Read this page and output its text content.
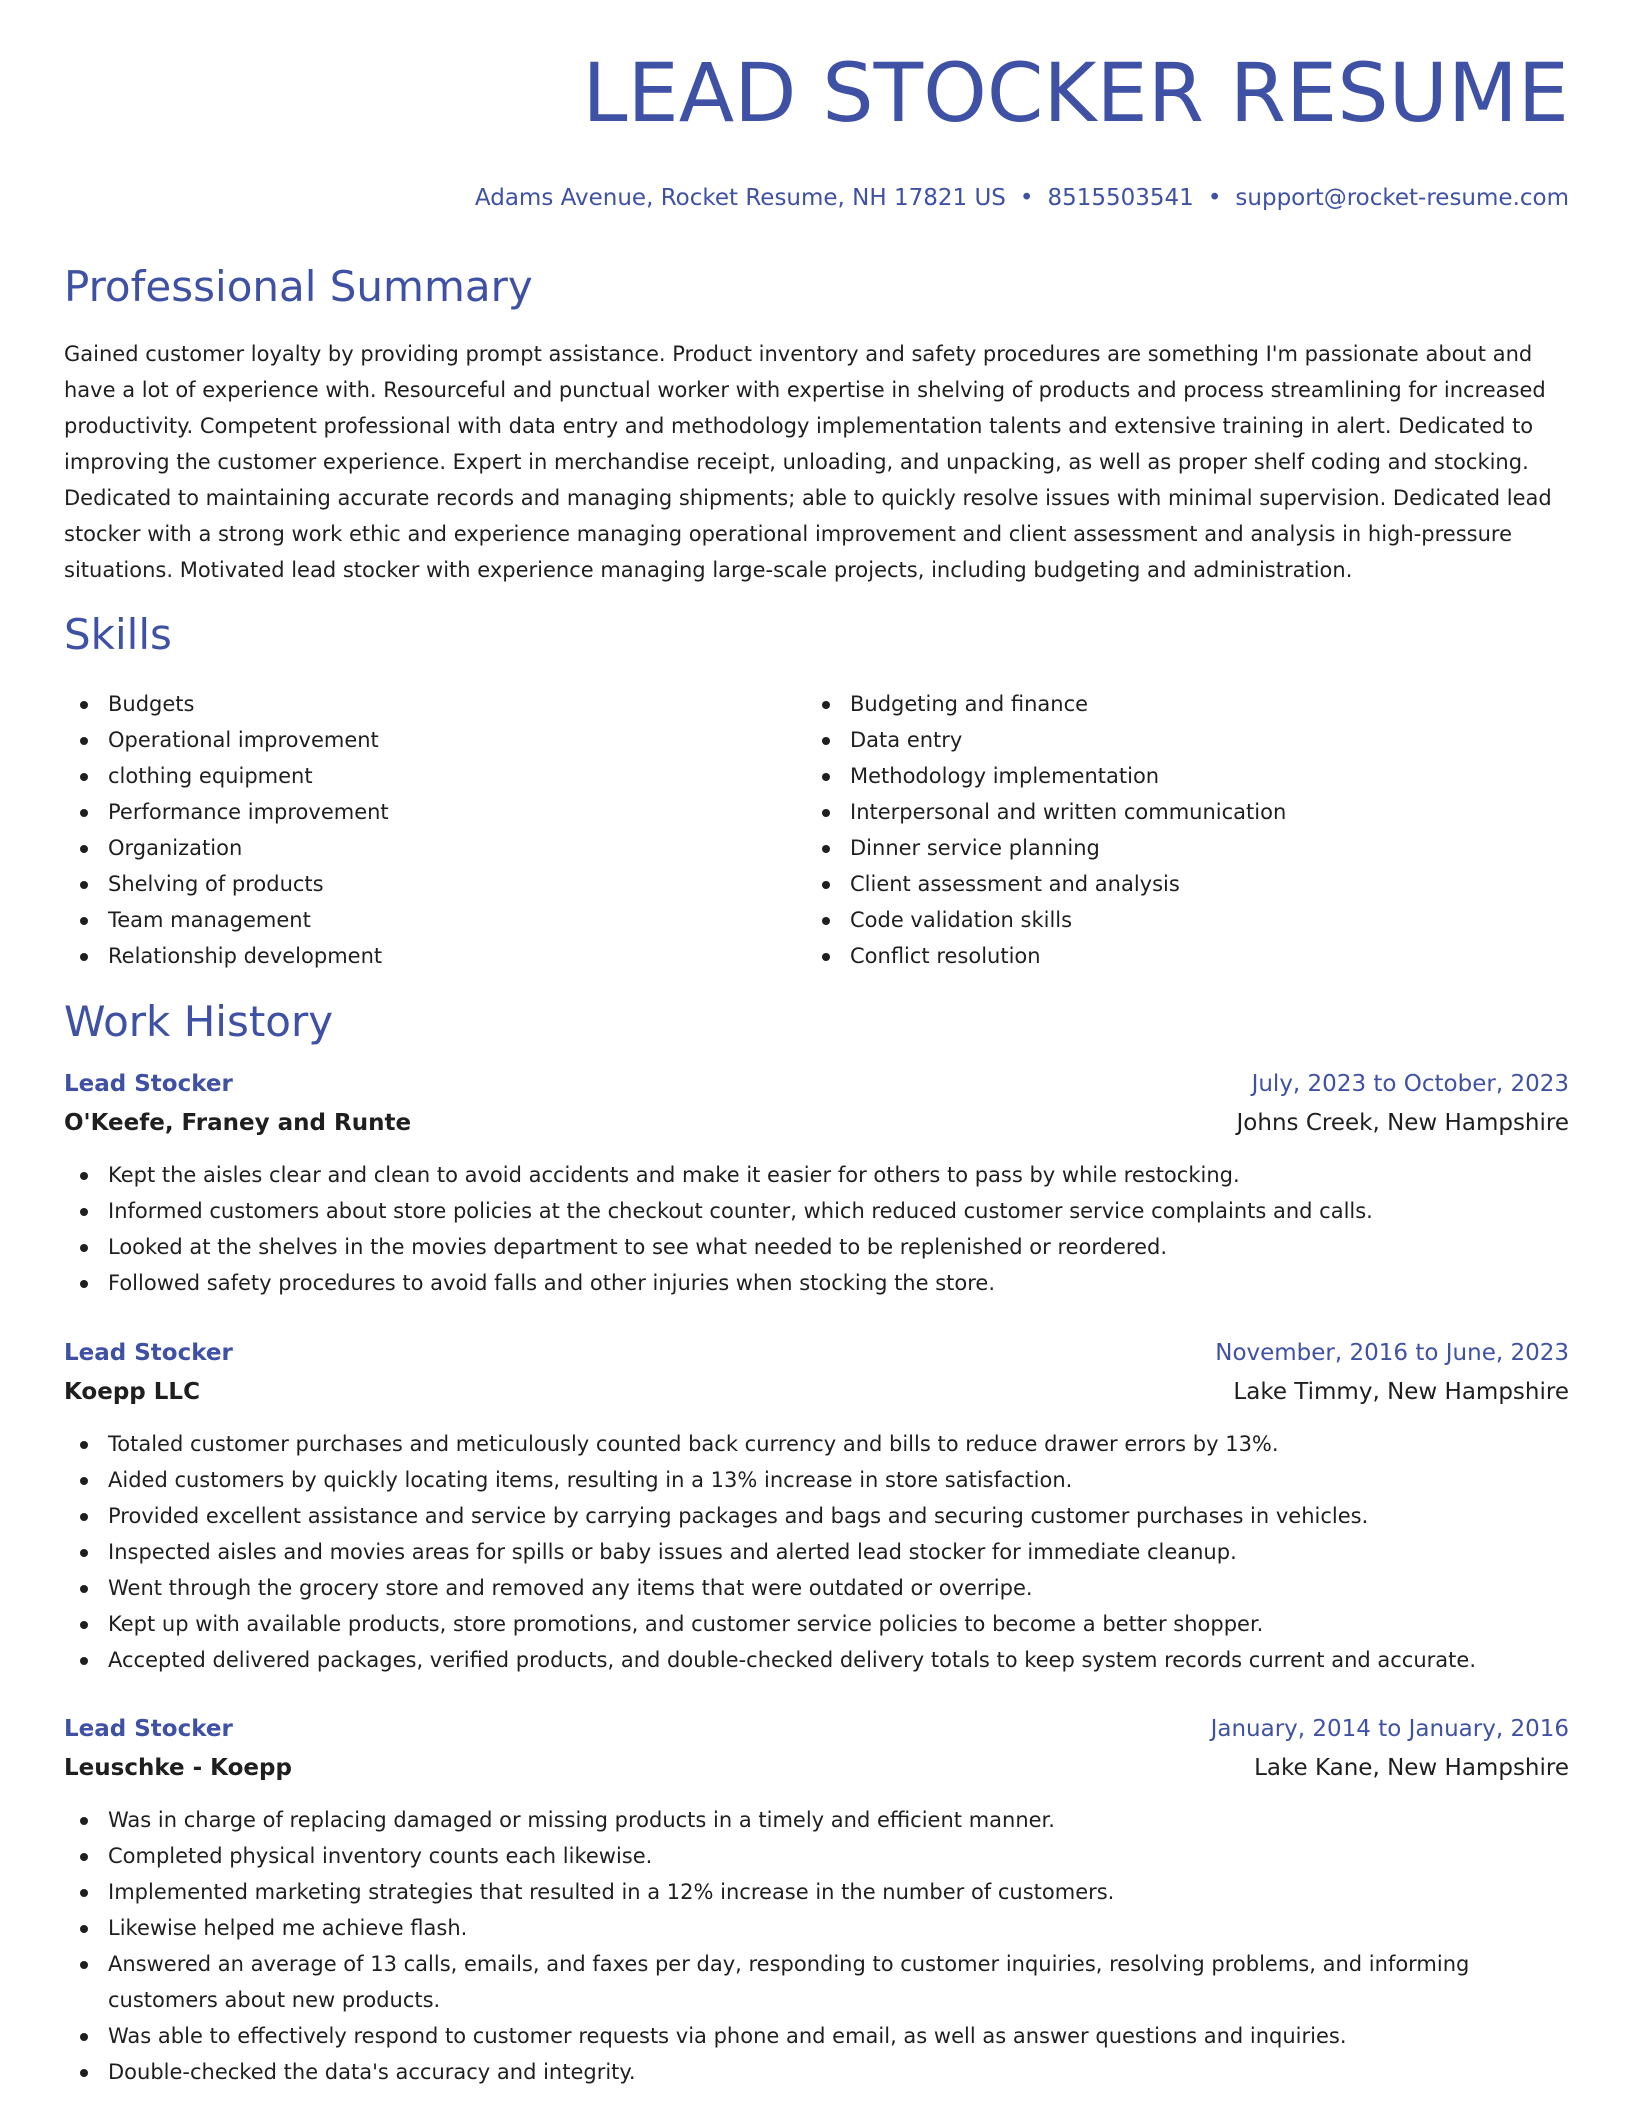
LEAD STOCKER RESUME
Adams Avenue, Rocket Resume, NH 17821 US • 8515503541 • support@rocket-resume.com
Professional Summary

Gained customer loyalty by providing prompt assistance. Product inventory and safety procedures are something I'm passionate about and have a lot of experience with. Resourceful and punctual worker with expertise in shelving of products and process streamlining for increased productivity. Competent professional with data entry and methodology implementation talents and extensive training in alert. Dedicated to improving the customer experience. Expert in merchandise receipt, unloading, and unpacking, as well as proper shelf coding and stocking. Dedicated to maintaining accurate records and managing shipments; able to quickly resolve issues with minimal supervision. Dedicated lead stocker with a strong work ethic and experience managing operational improvement and client assessment and analysis in high-pressure situations. Motivated lead stocker with experience managing large-scale projects, including budgeting and administration.

Skills
Budgets
Operational improvement
clothing equipment
Performance improvement
Organization
Shelving of products
Team management
Relationship development
Budgeting and finance
Data entry
Methodology implementation
Interpersonal and written communication
Dinner service planning
Client assessment and analysis
Code validation skills
Conflict resolution
Work History
Lead Stocker	July, 2023 to October, 2023
O'Keefe, Franey and Runte	Johns Creek, New Hampshire
Kept the aisles clear and clean to avoid accidents and make it easier for others to pass by while restocking.
Informed customers about store policies at the checkout counter, which reduced customer service complaints and calls.
Looked at the shelves in the movies department to see what needed to be replenished or reordered.
Followed safety procedures to avoid falls and other injuries when stocking the store.
Lead Stocker	November, 2016 to June, 2023
Koepp LLC	Lake Timmy, New Hampshire
Totaled customer purchases and meticulously counted back currency and bills to reduce drawer errors by 13%.
Aided customers by quickly locating items, resulting in a 13% increase in store satisfaction.
Provided excellent assistance and service by carrying packages and bags and securing customer purchases in vehicles.
Inspected aisles and movies areas for spills or baby issues and alerted lead stocker for immediate cleanup.
Went through the grocery store and removed any items that were outdated or overripe.
Kept up with available products, store promotions, and customer service policies to become a better shopper.
Accepted delivered packages, verified products, and double-checked delivery totals to keep system records current and accurate.
Lead Stocker	January, 2014 to January, 2016
Leuschke - Koepp	Lake Kane, New Hampshire
Was in charge of replacing damaged or missing products in a timely and efficient manner.
Completed physical inventory counts each likewise.
Implemented marketing strategies that resulted in a 12% increase in the number of customers.
Likewise helped me achieve flash.
Answered an average of 13 calls, emails, and faxes per day, responding to customer inquiries, resolving problems, and informing customers about new products.
Was able to effectively respond to customer requests via phone and email, as well as answer questions and inquiries.
Double-checked the data's accuracy and integrity.
